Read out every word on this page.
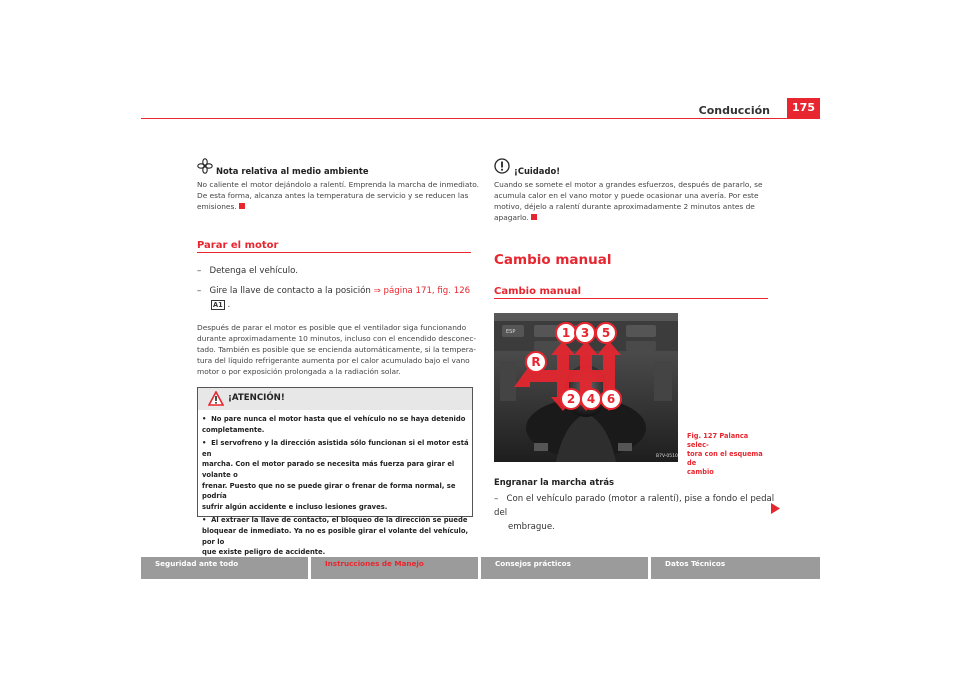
Conducción	175
Nota relativa al medio ambiente
No caliente el motor dejándolo a ralentí. Emprenda la marcha de inmediato.
De esta forma, alcanza antes la temperatura de servicio y se reducen las
emisiones.
Parar el motor
– Detenga el vehículo.
– Gire la llave de contacto a la posición ⇒ página 171, fig. 126
A1 .
Después de parar el motor es posible que el ventilador siga funcionando
durante aproximadamente 10 minutos, incluso con el encendido desconec-
tado. También es posible que se encienda automáticamente, si la tempera-
tura del líquido refrigerante aumenta por el calor acumulado bajo el vano
motor o por exposición prolongada a la radiación solar.
¡ATENCIÓN!
• No pare nunca el motor hasta que el vehículo no se haya detenido
completamente.
• El servofreno y la dirección asistida sólo funcionan si el motor está en
marcha. Con el motor parado se necesita más fuerza para girar el volante o
frenar. Puesto que no se puede girar o frenar de forma normal, se podría
sufrir algún accidente e incluso lesiones graves.
• Al extraer la llave de contacto, el bloqueo de la dirección se puede
bloquear de inmediato. Ya no es posible girar el volante del vehículo, por lo
que existe peligro de accidente.
¡Cuidado!
Cuando se somete el motor a grandes esfuerzos, después de pararlo, se
acumula calor en el vano motor y puede ocasionar una avería. Por este
motivo, déjelo a ralentí durante aproximadamente 2 minutos antes de
apagarlo.
Cambio manual
Cambio manual
ESP
B7V-0510
1 3	5
R
2 4 6
Fig. 127 Palanca selec-
tora con el esquema de
cambio
Engranar la marcha atrás
– Con el vehículo parado (motor a ralentí), pise a fondo el pedal del
embrague.
Seguridad ante todo	Instrucciones de Manejo	Consejos prácticos	Datos Técnicos
